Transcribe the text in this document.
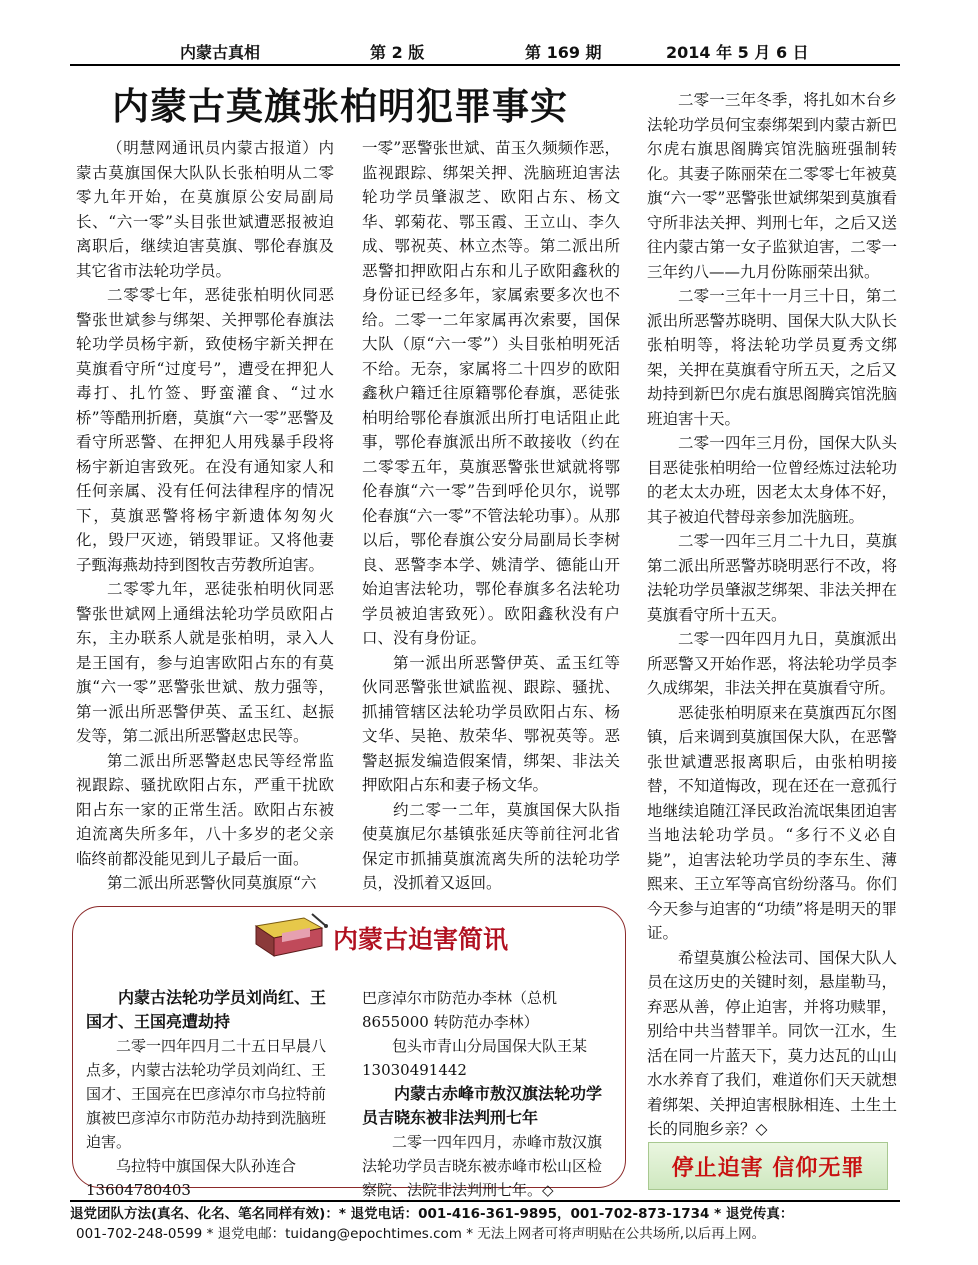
内蒙古真相	第 2 版	第 169 期	2014 年 5 月 6 日
内蒙古莫旗张柏明犯罪事实

（明慧网通讯员内蒙古报道）内蒙古莫旗国保大队队长张柏明从二零零九年开始，在莫旗原公安局副局长、“六一零”头目张世斌遭恶报被迫离职后，继续迫害莫旗、鄂伦春旗及其它省市法轮功学员。

二零零七年，恶徒张柏明伙同恶警张世斌参与绑架、关押鄂伦春旗法轮功学员杨宇新，致使杨宇新关押在莫旗看守所“过度号”，遭受在押犯人毒打、扎竹签、野蛮灌食、“过水桥”等酷刑折磨，莫旗“六一零”恶警及看守所恶警、在押犯人用残暴手段将杨宇新迫害致死。在没有通知家人和任何亲属、没有任何法律程序的情况下，莫旗恶警将杨宇新遗体匆匆火化，毁尸灭迹，销毁罪证。又将他妻子甄海燕劫持到图牧吉劳教所迫害。

二零零九年，恶徒张柏明伙同恶警张世斌网上通缉法轮功学员欧阳占东，主办联系人就是张柏明，录入人是王国有，参与迫害欧阳占东的有莫旗“六一零”恶警张世斌、敖力强等，第一派出所恶警伊英、孟玉红、赵振发等，第二派出所恶警赵忠民等。

第二派出所恶警赵忠民等经常监视跟踪、骚扰欧阳占东，严重干扰欧阳占东一家的正常生活。欧阳占东被迫流离失所多年，八十多岁的老父亲临终前都没能见到儿子最后一面。

第二派出所恶警伙同莫旗原“六

一零”恶警张世斌、苗玉久频频作恶，监视跟踪、绑架关押、洗脑班迫害法轮功学员肇淑芝、欧阳占东、杨文华、郭菊花、鄂玉霞、王立山、李久成、鄂祝英、林立杰等。第二派出所恶警扣押欧阳占东和儿子欧阳鑫秋的身份证已经多年，家属索要多次也不给。二零一二年家属再次索要，国保大队（原“六一零”）头目张柏明死活不给。无奈，家属将二十四岁的欧阳鑫秋户籍迁往原籍鄂伦春旗，恶徒张柏明给鄂伦春旗派出所打电话阻止此事，鄂伦春旗派出所不敢接收（约在二零零五年，莫旗恶警张世斌就将鄂伦春旗“六一零”告到呼伦贝尔，说鄂伦春旗“六一零”不管法轮功事）。从那以后，鄂伦春旗公安分局副局长李树良、恶警李本学、姚清学、德能山开始迫害法轮功，鄂伦春旗多名法轮功学员被迫害致死）。欧阳鑫秋没有户口、没有身份证。

第一派出所恶警伊英、孟玉红等伙同恶警张世斌监视、跟踪、骚扰、抓捕管辖区法轮功学员欧阳占东、杨文华、吴艳、敖荣华、鄂祝英等。恶警赵振发编造假案情，绑架、非法关押欧阳占东和妻子杨文华。

约二零一二年，莫旗国保大队指使莫旗尼尔基镇张延庆等前往河北省保定市抓捕莫旗流离失所的法轮功学员，没抓着又返回。

二零一三年冬季，将扎如木台乡法轮功学员何宝泰绑架到内蒙古新巴尔虎右旗思阁腾宾馆洗脑班强制转化。其妻子陈丽荣在二零零七年被莫旗“六一零”恶警张世斌绑架到莫旗看守所非法关押、判刑七年，之后又送往内蒙古第一女子监狱迫害，二零一三年约八——九月份陈丽荣出狱。

二零一三年十一月三十日，第二派出所恶警苏晓明、国保大队大队长张柏明等，将法轮功学员夏秀文绑架，关押在莫旗看守所五天，之后又劫持到新巴尔虎右旗思阁腾宾馆洗脑班迫害十天。

二零一四年三月份，国保大队头目恶徒张柏明给一位曾经炼过法轮功的老太太办班，因老太太身体不好，其子被迫代替母亲参加洗脑班。

二零一四年三月二十九日，莫旗第二派出所恶警苏晓明恶行不改，将法轮功学员肇淑芝绑架、非法关押在莫旗看守所十五天。

二零一四年四月九日，莫旗派出所恶警又开始作恶，将法轮功学员李久成绑架，非法关押在莫旗看守所。

恶徒张柏明原来在莫旗西瓦尔图镇，后来调到莫旗国保大队，在恶警张世斌遭恶报离职后，由张柏明接替，不知道悔改，现在还在一意孤行地继续追随江泽民政治流氓集团迫害当地法轮功学员。“多行不义必自毙”，迫害法轮功学员的李东生、薄熙来、王立军等高官纷纷落马。你们今天参与迫害的“功绩”将是明天的罪证。

希望莫旗公检法司、国保大队人员在这历史的关键时刻，悬崖勒马，弃恶从善，停止迫害，并将功赎罪，别给中共当替罪羊。同饮一江水，生活在同一片蓝天下，莫力达瓦的山山水水养育了我们，难道你们天天就想着绑架、关押迫害根脉相连、土生土长的同胞乡亲？◇

内蒙古迫害简讯
内蒙古法轮功学员刘尚红、王国才、王国亮遭劫持

二零一四年四月二十五日早晨八点多，内蒙古法轮功学员刘尚红、王国才、王国亮在巴彦淖尔市乌拉特前旗被巴彦淖尔市防范办劫持到洗脑班迫害。

乌拉特中旗国保大队孙连合13604780403

巴彦淖尔市防范办李林（总机8655000 转防范办李林）

包头市青山分局国保大队王某13030491442

内蒙古赤峰市敖汉旗法轮功学员吉晓东被非法判刑七年

二零一四年四月，赤峰市敖汉旗法轮功学员吉晓东被赤峰市松山区检察院、法院非法判刑七年。◇

停止迫害 信仰无罪
退党团队方法(真名、化名、笔名同样有效)：* 退党电话：001-416-361-9895，001-702-873-1734 * 退党传真：
001-702-248-0599 * 退党电邮：tuidang@epochtimes.com * 无法上网者可将声明贴在公共场所,以后再上网。
